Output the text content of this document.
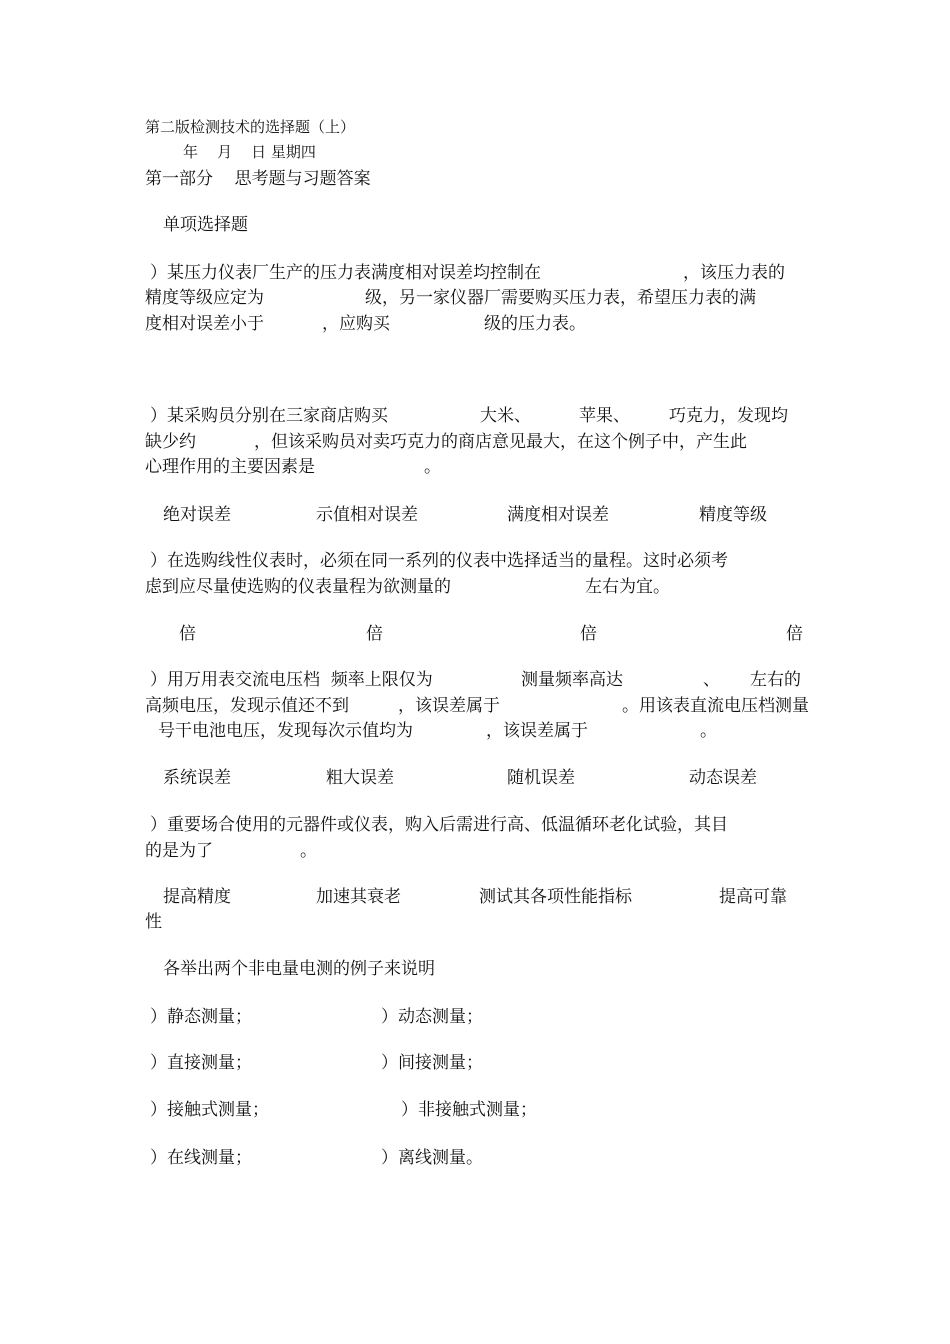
第二版检测技术的选择题（上）
年    月    日 星期四
第一部分    思考题与习题答案
单项选择题
）某压力仪表厂生产的压力表满度相对误差均控制在	，该压力表的
精度等级应定为	级，另一家仪器厂需要购买压力表，希望压力表的满
度相对误差小于	，应购买	级的压力表。
）某采购员分别在三家商店购买	大米、	苹果、 巧克力，发现均
缺少约	，但该采购员对卖巧克力的商店意见最大，在这个例子中，产生此
心理作用的主要因素是	。
绝对误差	示值相对误差	满度相对误差	精度等级
）在选购线性仪表时，必须在同一系列的仪表中选择适当的量程。这时必须考
虑到应尽量使选购的仪表量程为欲测量的	左右为宜。
倍	倍	倍	倍
）用万用表交流电压档  频率上限仅为	测量频率高达	、 左右的
高频电压，发现示值还不到	，该误差属于	。用该表直流电压档测量
号干电池电压，发现每次示值均为	，该误差属于	。
系统误差	粗大误差	随机误差	动态误差
）重要场合使用的元器件或仪表，购入后需进行高、低温循环老化试验，其目
的是为了	。
提高精度	加速其衰老	测试其各项性能指标	提高可靠
性
各举出两个非电量电测的例子来说明
）静态测量；	）动态测量；
）直接测量；	）间接测量；
）接触式测量；	）非接触式测量；
）在线测量；	）离线测量。
